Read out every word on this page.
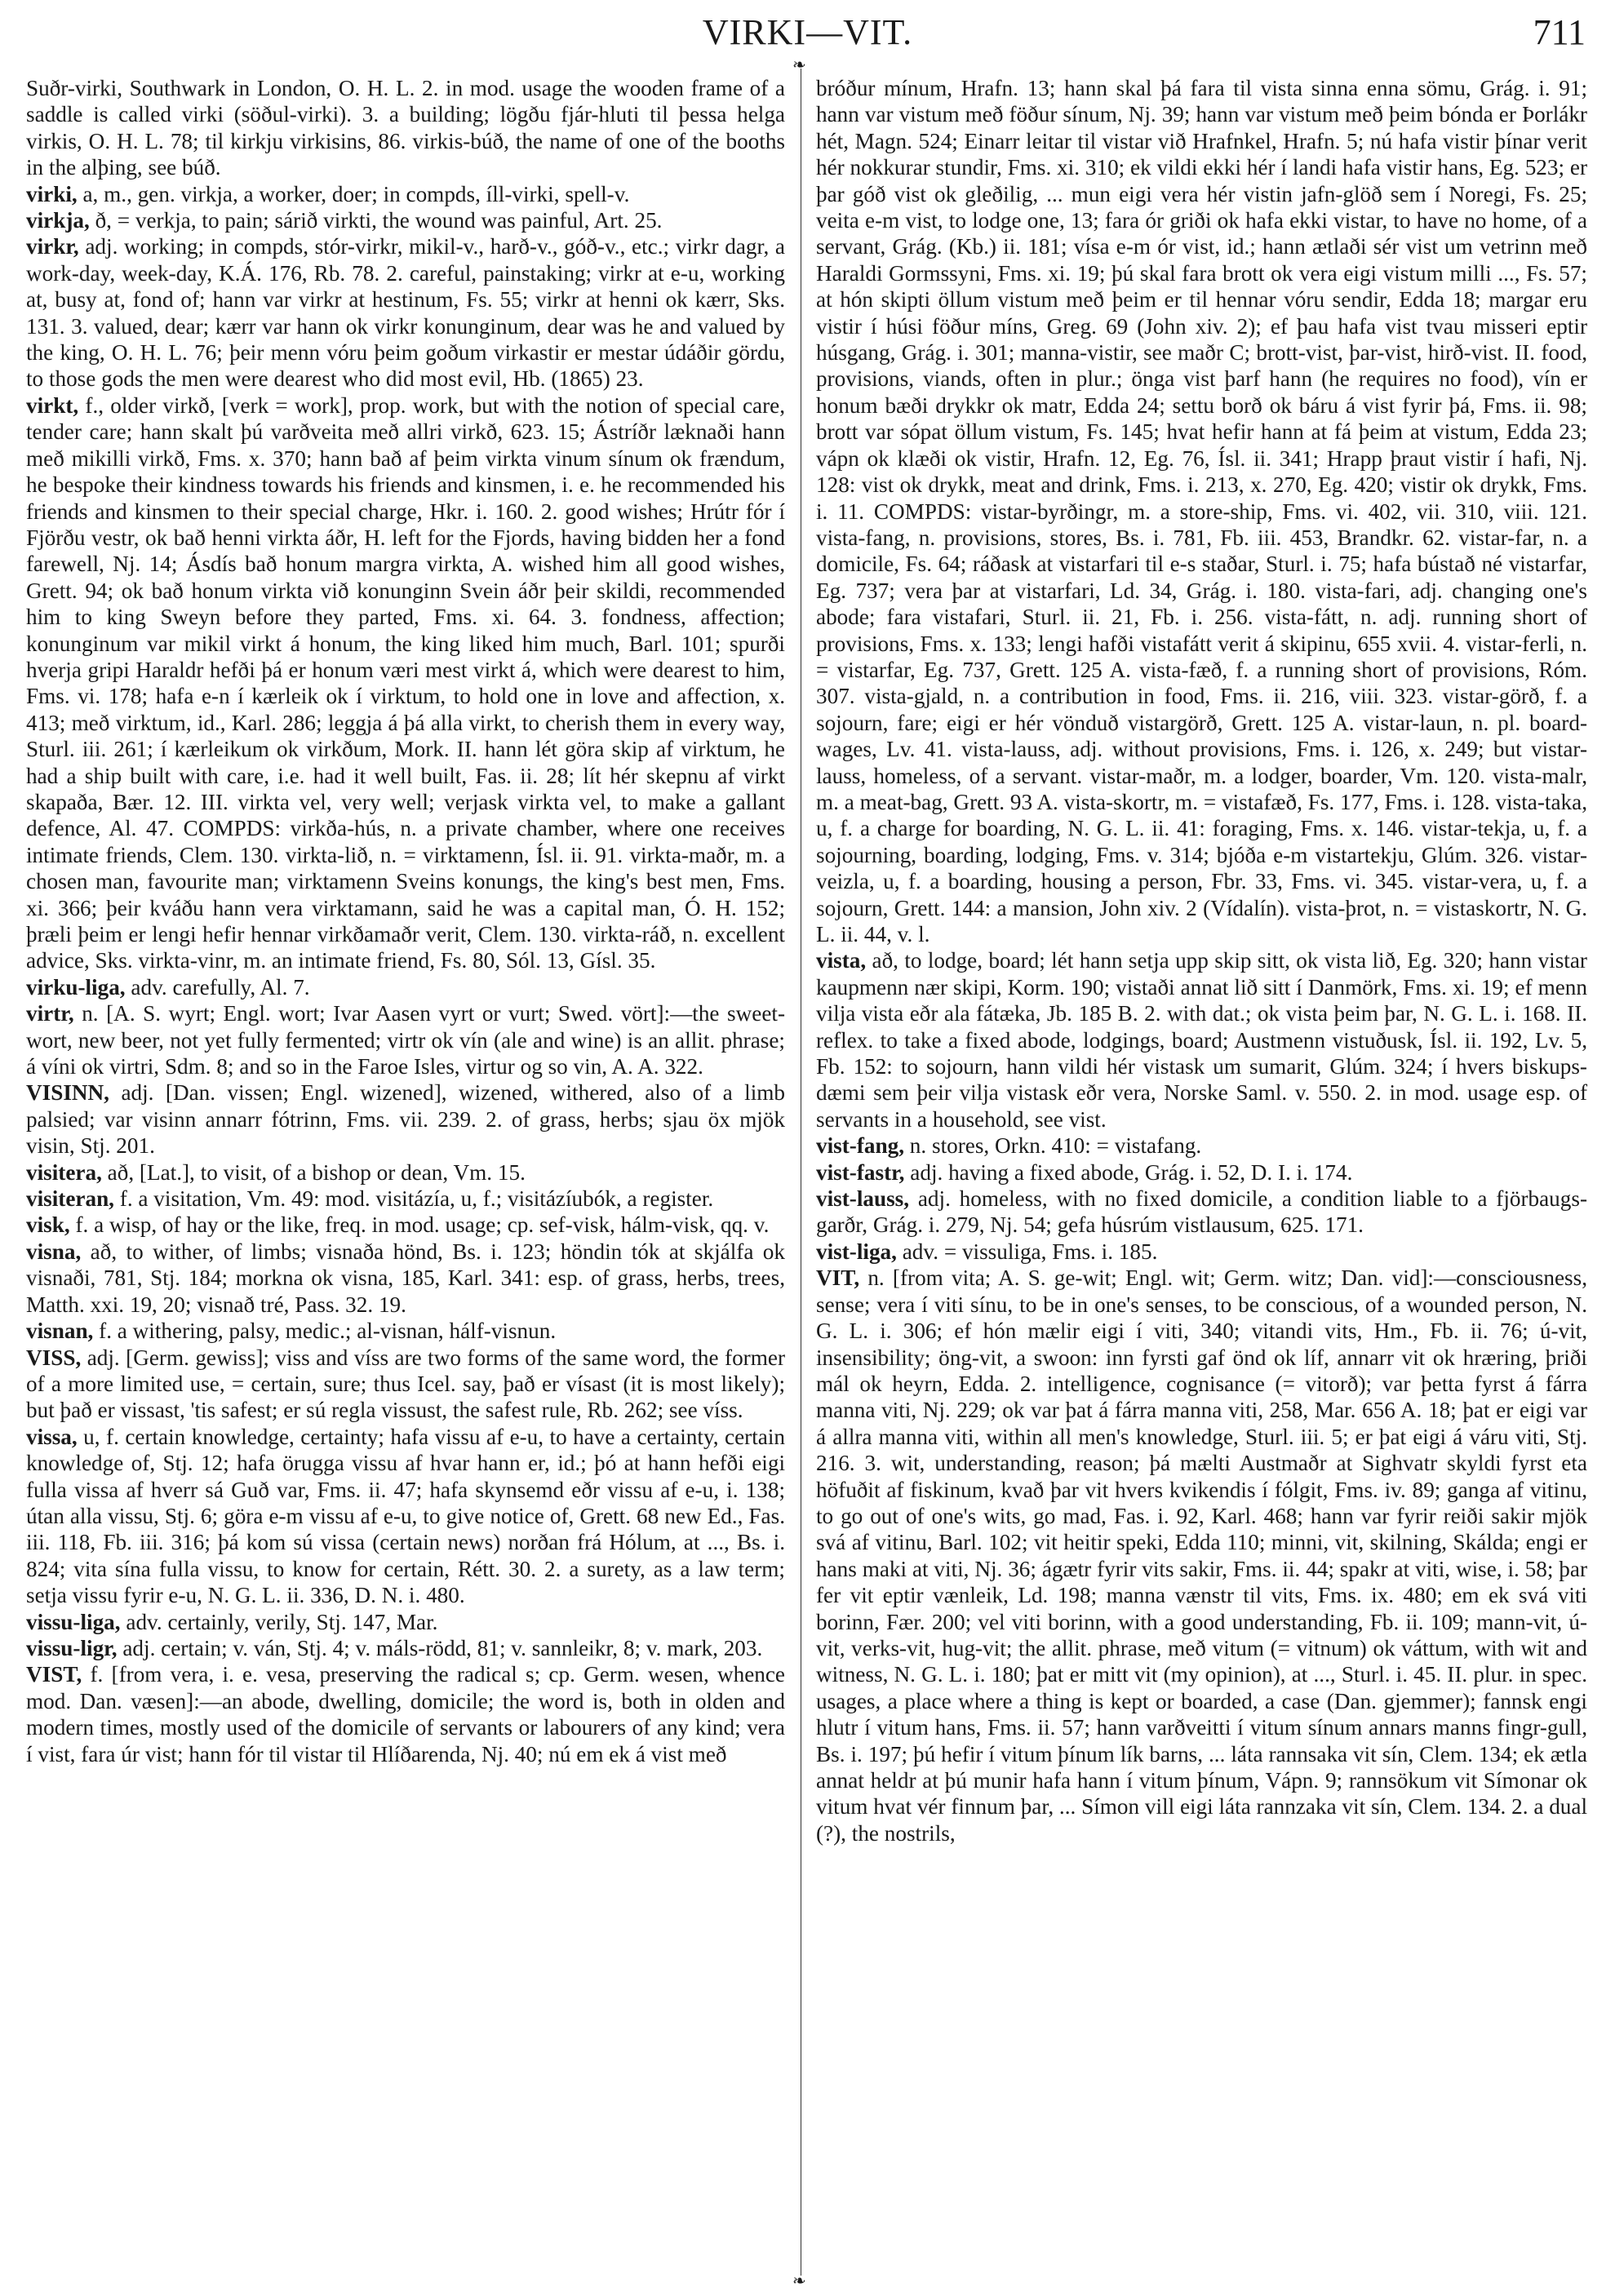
VIRKI—VIT.	711
❧
❧

Suðr-virki, Southwark in London, O. H. L. 2. in mod. usage the wooden frame of a saddle is called virki (söðul-virki). 3. a building; lögðu fjár-hluti til þessa helga virkis, O. H. L. 78; til kirkju virkisins, 86. virkis-búð, the name of one of the booths in the alþing, see búð.

virki, a, m., gen. virkja, a worker, doer; in compds, íll-virki, spell-v.

virkja, ð, = verkja, to pain; sárið virkti, the wound was painful, Art. 25.

virkr, adj. working; in compds, stór-virkr, mikil-v., harð-v., góð-v., etc.; virkr dagr, a work-day, week-day, K.Á. 176, Rb. 78. 2. careful, painstaking; virkr at e-u, working at, busy at, fond of; hann var virkr at hestinum, Fs. 55; virkr at henni ok kærr, Sks. 131. 3. valued, dear; kærr var hann ok virkr konunginum, dear was he and valued by the king, O. H. L. 76; þeir menn vóru þeim goðum virkastir er mestar údáðir gördu, to those gods the men were dearest who did most evil, Hb. (1865) 23.

virkt, f., older virkð, [verk = work], prop. work, but with the notion of special care, tender care; hann skalt þú varðveita með allri virkð, 623. 15; Ástríðr læknaði hann með mikilli virkð, Fms. x. 370; hann bað af þeim virkta vinum sínum ok frændum, he bespoke their kindness towards his friends and kinsmen, i. e. he recommended his friends and kinsmen to their special charge, Hkr. i. 160. 2. good wishes; Hrútr fór í Fjörðu vestr, ok bað henni virkta áðr, H. left for the Fjords, having bidden her a fond farewell, Nj. 14; Ásdís bað honum margra virkta, A. wished him all good wishes, Grett. 94; ok bað honum virkta við konunginn Svein áðr þeir skildi, recommended him to king Sweyn before they parted, Fms. xi. 64. 3. fondness, affection; konunginum var mikil virkt á honum, the king liked him much, Barl. 101; spurði hverja gripi Haraldr hefði þá er honum væri mest virkt á, which were dearest to him, Fms. vi. 178; hafa e-n í kærleik ok í virktum, to hold one in love and affection, x. 413; með virktum, id., Karl. 286; leggja á þá alla virkt, to cherish them in every way, Sturl. iii. 261; í kærleikum ok virkðum, Mork. II. hann lét göra skip af virktum, he had a ship built with care, i.e. had it well built, Fas. ii. 28; lít hér skepnu af virkt skapaða, Bær. 12. III. virkta vel, very well; verjask virkta vel, to make a gallant defence, Al. 47. COMPDS: virkða-hús, n. a private chamber, where one receives intimate friends, Clem. 130. virkta-lið, n. = virktamenn, Ísl. ii. 91. virkta-maðr, m. a chosen man, favourite man; virktamenn Sveins konungs, the king's best men, Fms. xi. 366; þeir kváðu hann vera virktamann, said he was a capital man, Ó. H. 152; þræli þeim er lengi hefir hennar virkðamaðr verit, Clem. 130. virkta-ráð, n. excellent advice, Sks. virkta-vinr, m. an intimate friend, Fs. 80, Sól. 13, Gísl. 35.

virku-liga, adv. carefully, Al. 7.

virtr, n. [A. S. wyrt; Engl. wort; Ivar Aasen vyrt or vurt; Swed. vört]:—the sweet-wort, new beer, not yet fully fermented; virtr ok vín (ale and wine) is an allit. phrase; á víni ok virtri, Sdm. 8; and so in the Faroe Isles, virtur og so vin, A. A. 322.

VISINN, adj. [Dan. vissen; Engl. wizened], wizened, withered, also of a limb palsied; var visinn annarr fótrinn, Fms. vii. 239. 2. of grass, herbs; sjau öx mjök visin, Stj. 201.

visitera, að, [Lat.], to visit, of a bishop or dean, Vm. 15.

visiteran, f. a visitation, Vm. 49: mod. visitázía, u, f.; visitázíubók, a register.

visk, f. a wisp, of hay or the like, freq. in mod. usage; cp. sef-visk, hálm-visk, qq. v.

visna, að, to wither, of limbs; visnaða hönd, Bs. i. 123; höndin tók at skjálfa ok visnaði, 781, Stj. 184; morkna ok visna, 185, Karl. 341: esp. of grass, herbs, trees, Matth. xxi. 19, 20; visnað tré, Pass. 32. 19.

visnan, f. a withering, palsy, medic.; al-visnan, hálf-visnun.

VISS, adj. [Germ. gewiss]; viss and víss are two forms of the same word, the former of a more limited use, = certain, sure; thus Icel. say, það er vísast (it is most likely); but það er vissast, 'tis safest; er sú regla vissust, the safest rule, Rb. 262; see víss.

vissa, u, f. certain knowledge, certainty; hafa vissu af e-u, to have a certainty, certain knowledge of, Stj. 12; hafa örugga vissu af hvar hann er, id.; þó at hann hefði eigi fulla vissa af hverr sá Guð var, Fms. ii. 47; hafa skynsemd eðr vissu af e-u, i. 138; útan alla vissu, Stj. 6; göra e-m vissu af e-u, to give notice of, Grett. 68 new Ed., Fas. iii. 118, Fb. iii. 316; þá kom sú vissa (certain news) norðan frá Hólum, at ..., Bs. i. 824; vita sína fulla vissu, to know for certain, Rétt. 30. 2. a surety, as a law term; setja vissu fyrir e-u, N. G. L. ii. 336, D. N. i. 480.

vissu-liga, adv. certainly, verily, Stj. 147, Mar.

vissu-ligr, adj. certain; v. ván, Stj. 4; v. máls-rödd, 81; v. sannleikr, 8; v. mark, 203.

VIST, f. [from vera, i. e. vesa, preserving the radical s; cp. Germ. wesen, whence mod. Dan. væsen]:—an abode, dwelling, domicile; the word is, both in olden and modern times, mostly used of the domicile of servants or labourers of any kind; vera í vist, fara úr vist; hann fór til vistar til Hlíðarenda, Nj. 40; nú em ek á vist með

bróður mínum, Hrafn. 13; hann skal þá fara til vista sinna enna sömu, Grág. i. 91; hann var vistum með föður sínum, Nj. 39; hann var vistum með þeim bónda er Þorlákr hét, Magn. 524; Einarr leitar til vistar við Hrafnkel, Hrafn. 5; nú hafa vistir þínar verit hér nokkurar stundir, Fms. xi. 310; ek vildi ekki hér í landi hafa vistir hans, Eg. 523; er þar góð vist ok gleðilig, ... mun eigi vera hér vistin jafn-glöð sem í Noregi, Fs. 25; veita e-m vist, to lodge one, 13; fara ór griði ok hafa ekki vistar, to have no home, of a servant, Grág. (Kb.) ii. 181; vísa e-m ór vist, id.; hann ætlaði sér vist um vetrinn með Haraldi Gormssyni, Fms. xi. 19; þú skal fara brott ok vera eigi vistum milli ..., Fs. 57; at hón skipti öllum vistum með þeim er til hennar vóru sendir, Edda 18; margar eru vistir í húsi föður míns, Greg. 69 (John xiv. 2); ef þau hafa vist tvau misseri eptir húsgang, Grág. i. 301; manna-vistir, see maðr C; brott-vist, þar-vist, hirð-vist. II. food, provisions, viands, often in plur.; önga vist þarf hann (he requires no food), vín er honum bæði drykkr ok matr, Edda 24; settu borð ok báru á vist fyrir þá, Fms. ii. 98; brott var sópat öllum vistum, Fs. 145; hvat hefir hann at fá þeim at vistum, Edda 23; vápn ok klæði ok vistir, Hrafn. 12, Eg. 76, Ísl. ii. 341; Hrapp þraut vistir í hafi, Nj. 128: vist ok drykk, meat and drink, Fms. i. 213, x. 270, Eg. 420; vistir ok drykk, Fms. i. 11. COMPDS: vistar-byrðingr, m. a store-ship, Fms. vi. 402, vii. 310, viii. 121. vista-fang, n. provisions, stores, Bs. i. 781, Fb. iii. 453, Brandkr. 62. vistar-far, n. a domicile, Fs. 64; ráðask at vistarfari til e-s staðar, Sturl. i. 75; hafa bústað né vistarfar, Eg. 737; vera þar at vistarfari, Ld. 34, Grág. i. 180. vista-fari, adj. changing one's abode; fara vistafari, Sturl. ii. 21, Fb. i. 256. vista-fátt, n. adj. running short of provisions, Fms. x. 133; lengi hafði vistafátt verit á skipinu, 655 xvii. 4. vistar-ferli, n. = vistarfar, Eg. 737, Grett. 125 A. vista-fæð, f. a running short of provisions, Róm. 307. vista-gjald, n. a contribution in food, Fms. ii. 216, viii. 323. vistar-görð, f. a sojourn, fare; eigi er hér vönduð vistargörð, Grett. 125 A. vistar-laun, n. pl. board-wages, Lv. 41. vista-lauss, adj. without provisions, Fms. i. 126, x. 249; but vistar-lauss, homeless, of a servant. vistar-maðr, m. a lodger, boarder, Vm. 120. vista-malr, m. a meat-bag, Grett. 93 A. vista-skortr, m. = vistafæð, Fs. 177, Fms. i. 128. vista-taka, u, f. a charge for boarding, N. G. L. ii. 41: foraging, Fms. x. 146. vistar-tekja, u, f. a sojourning, boarding, lodging, Fms. v. 314; bjóða e-m vistartekju, Glúm. 326. vistar-veizla, u, f. a boarding, housing a person, Fbr. 33, Fms. vi. 345. vistar-vera, u, f. a sojourn, Grett. 144: a mansion, John xiv. 2 (Vídalín). vista-þrot, n. = vistaskortr, N. G. L. ii. 44, v. l.

vista, að, to lodge, board; lét hann setja upp skip sitt, ok vista lið, Eg. 320; hann vistar kaupmenn nær skipi, Korm. 190; vistaði annat lið sitt í Danmörk, Fms. xi. 19; ef menn vilja vista eðr ala fátæka, Jb. 185 B. 2. with dat.; ok vista þeim þar, N. G. L. i. 168. II. reflex. to take a fixed abode, lodgings, board; Austmenn vistuðusk, Ísl. ii. 192, Lv. 5, Fb. 152: to sojourn, hann vildi hér vistask um sumarit, Glúm. 324; í hvers biskups-dæmi sem þeir vilja vistask eðr vera, Norske Saml. v. 550. 2. in mod. usage esp. of servants in a household, see vist.

vist-fang, n. stores, Orkn. 410: = vistafang.

vist-fastr, adj. having a fixed abode, Grág. i. 52, D. I. i. 174.

vist-lauss, adj. homeless, with no fixed domicile, a condition liable to a fjörbaugs-garðr, Grág. i. 279, Nj. 54; gefa húsrúm vistlausum, 625. 171.

vist-liga, adv. = vissuliga, Fms. i. 185.

VIT, n. [from vita; A. S. ge-wit; Engl. wit; Germ. witz; Dan. vid]:—consciousness, sense; vera í viti sínu, to be in one's senses, to be conscious, of a wounded person, N. G. L. i. 306; ef hón mælir eigi í viti, 340; vitandi vits, Hm., Fb. ii. 76; ú-vit, insensibility; öng-vit, a swoon: inn fyrsti gaf önd ok líf, annarr vit ok hræring, þriði mál ok heyrn, Edda. 2. intelligence, cognisance (= vitorð); var þetta fyrst á fárra manna viti, Nj. 229; ok var þat á fárra manna viti, 258, Mar. 656 A. 18; þat er eigi var á allra manna viti, within all men's knowledge, Sturl. iii. 5; er þat eigi á váru viti, Stj. 216. 3. wit, understanding, reason; þá mælti Austmaðr at Sighvatr skyldi fyrst eta höfuðit af fiskinum, kvað þar vit hvers kvikendis í fólgit, Fms. iv. 89; ganga af vitinu, to go out of one's wits, go mad, Fas. i. 92, Karl. 468; hann var fyrir reiði sakir mjök svá af vitinu, Barl. 102; vit heitir speki, Edda 110; minni, vit, skilning, Skálda; engi er hans maki at viti, Nj. 36; ágætr fyrir vits sakir, Fms. ii. 44; spakr at viti, wise, i. 58; þar fer vit eptir vænleik, Ld. 198; manna vænstr til vits, Fms. ix. 480; em ek svá viti borinn, Fær. 200; vel viti borinn, with a good understanding, Fb. ii. 109; mann-vit, ú-vit, verks-vit, hug-vit; the allit. phrase, með vitum (= vitnum) ok váttum, with wit and witness, N. G. L. i. 180; þat er mitt vit (my opinion), at ..., Sturl. i. 45. II. plur. in spec. usages, a place where a thing is kept or boarded, a case (Dan. gjemmer); fannsk engi hlutr í vitum hans, Fms. ii. 57; hann varðveitti í vitum sínum annars manns fingr-gull, Bs. i. 197; þú hefir í vitum þínum lík barns, ... láta rannsaka vit sín, Clem. 134; ek ætla annat heldr at þú munir hafa hann í vitum þínum, Vápn. 9; rannsökum vit Símonar ok vitum hvat vér finnum þar, ... Símon vill eigi láta rannzaka vit sín, Clem. 134. 2. a dual (?), the nostrils,
